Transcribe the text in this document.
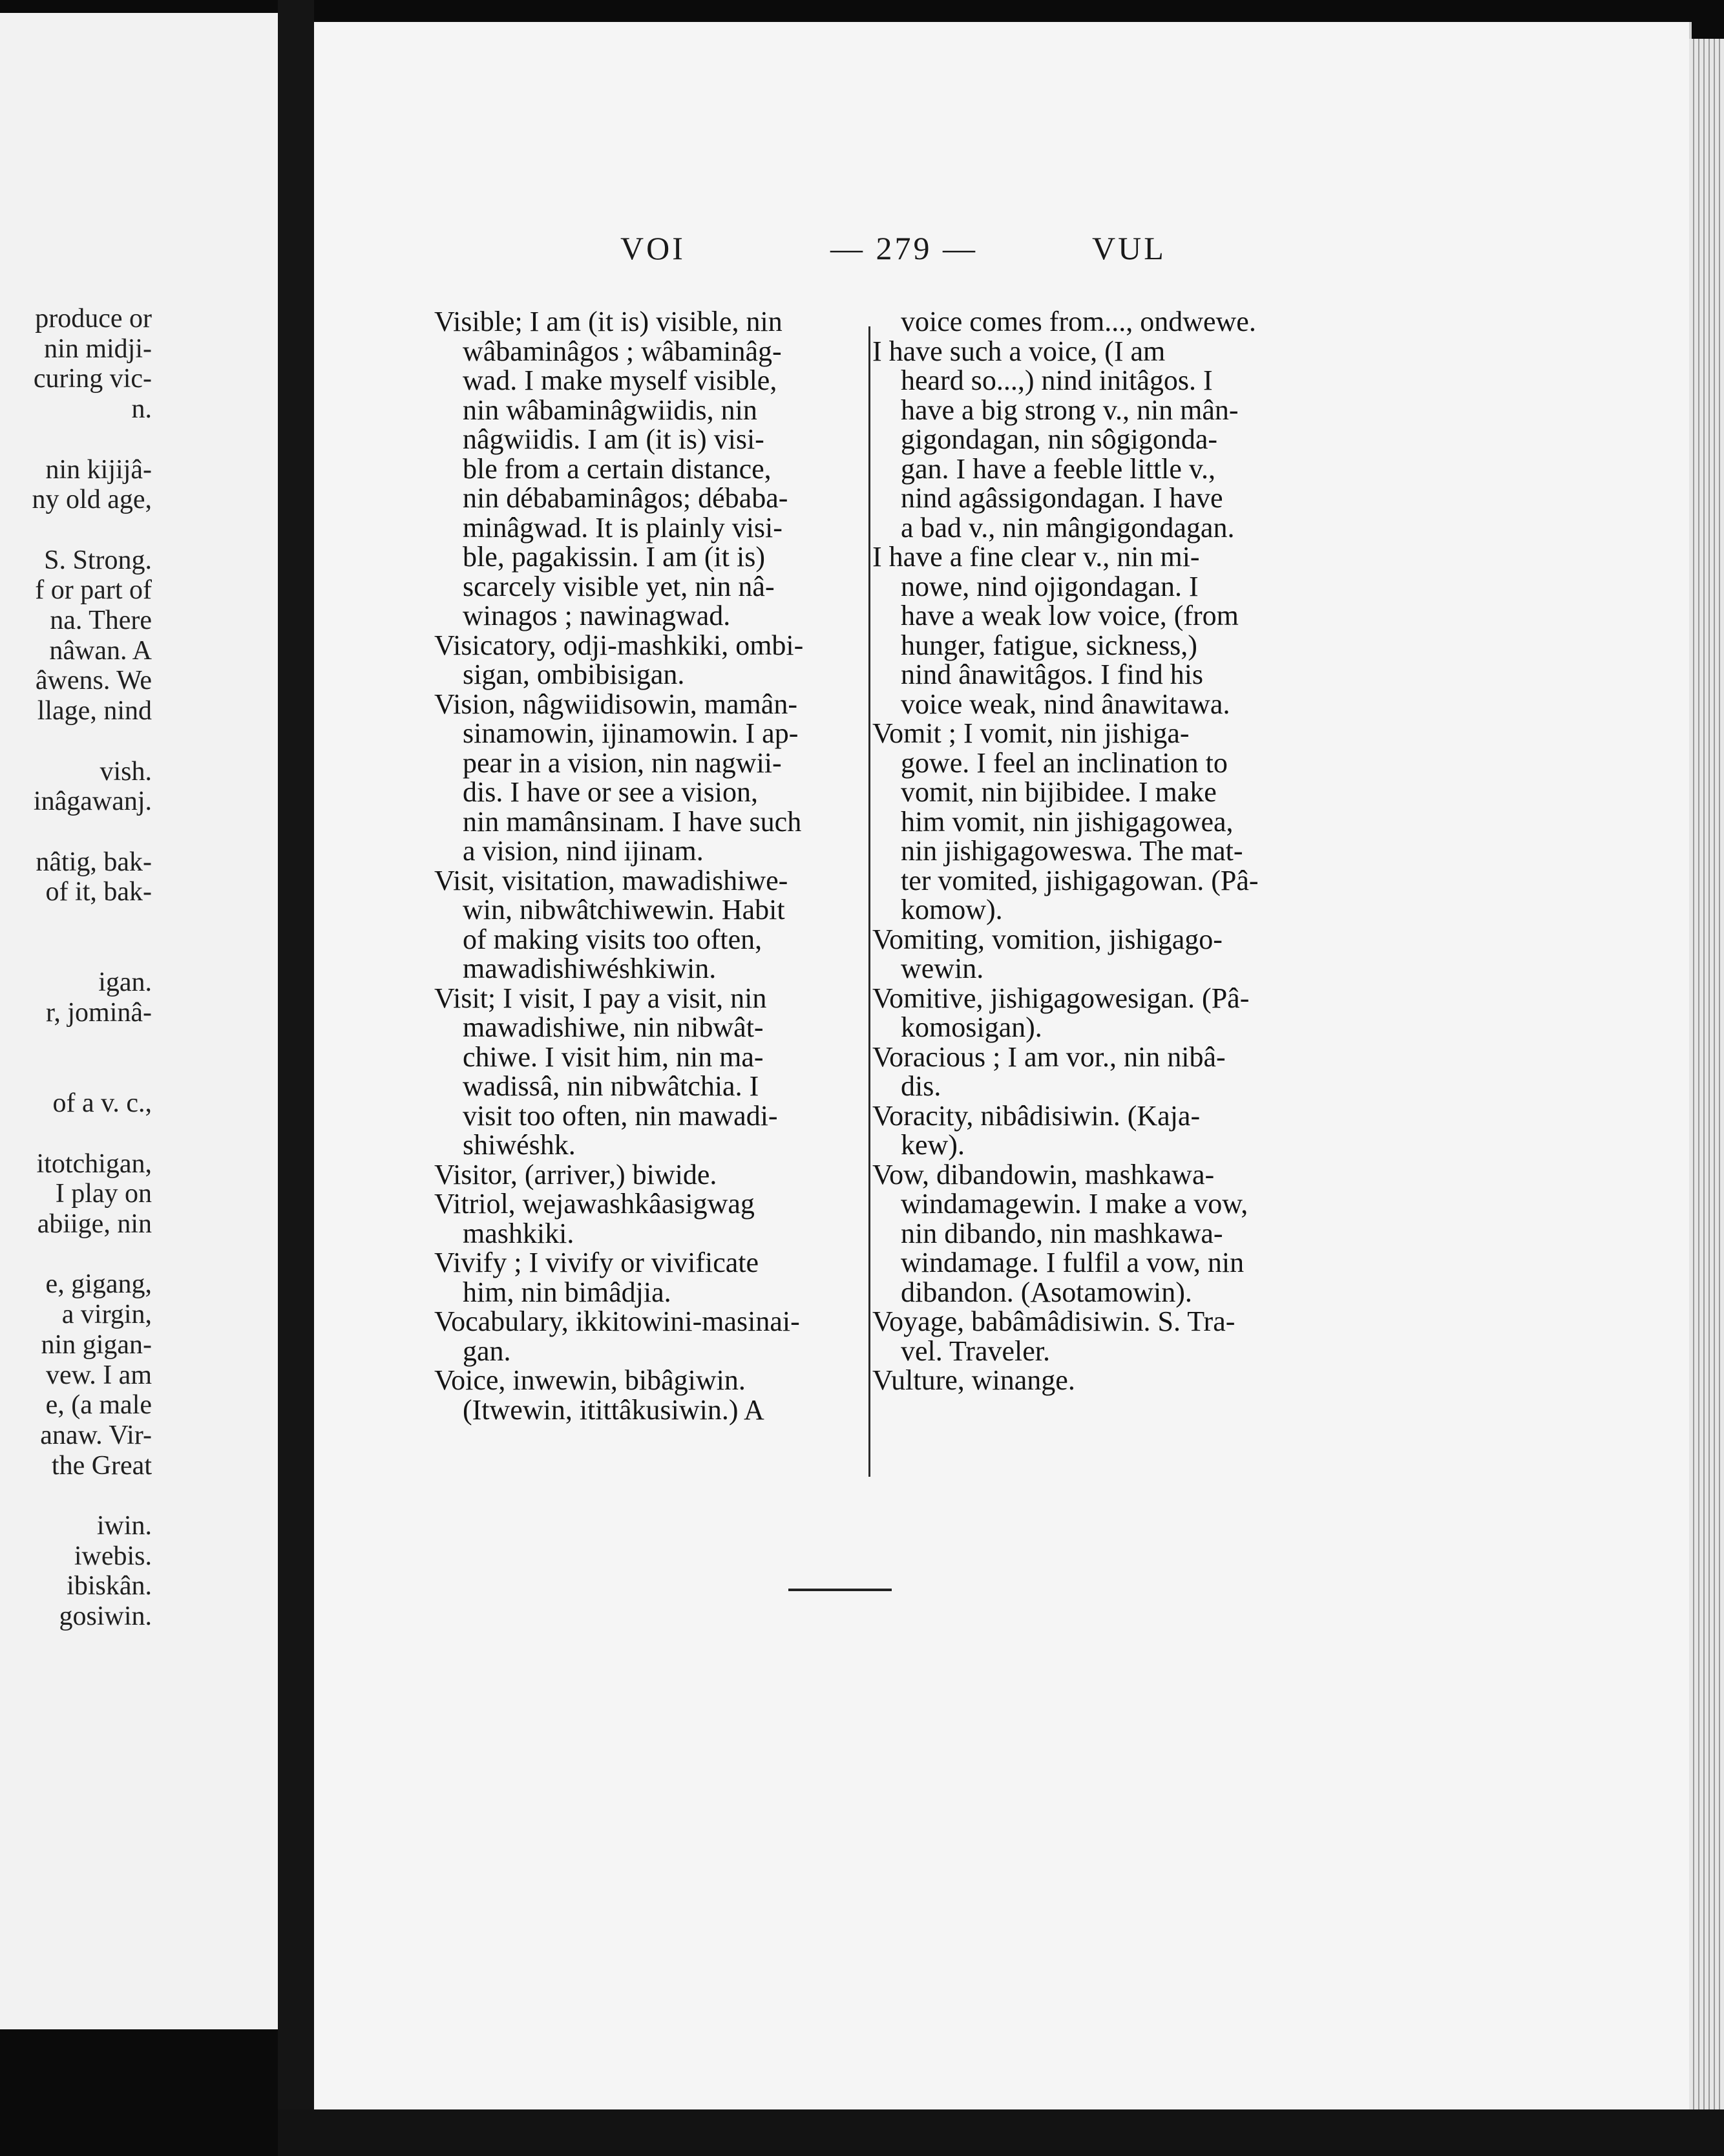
produce or
nin midji-
curing vic-
n.
nin kijijâ-
ny old age,
S. Strong.
f or part of
na. There
nâwan. A
âwens. We
llage, nind
vish.
inâgawanj.
nâtig, bak-
of it, bak-
igan.
r, jominâ-
of a v. c.,
itotchigan,
I play on
abiige, nin
e, gigang,
a virgin,
nin gigan-
vew. I am
e, (a male
anaw. Vir-
the Great
iwin.
iwebis.
ibiskân.
gosiwin.
VOI	— 279 —	VUL
Visible; I am (it is) visible, nin
wâbaminâgos ; wâbaminâg-
wad. I make myself visible,
nin wâbaminâgwiidis, nin
nâgwiidis. I am (it is) visi-
ble from a certain distance,
nin débabaminâgos; débaba-
minâgwad. It is plainly visi-
ble, pagakissin. I am (it is)
scarcely visible yet, nin nâ-
winagos ; nawinagwad.
Visicatory, odji-mashkiki, ombi-
sigan, ombibisigan.
Vision, nâgwiidisowin, mamân-
sinamowin, ijinamowin. I ap-
pear in a vision, nin nagwii-
dis. I have or see a vision,
nin mamânsinam. I have such
a vision, nind ijinam.
Visit, visitation, mawadishiwe-
win, nibwâtchiwewin. Habit
of making visits too often,
mawadishiwéshkiwin.
Visit; I visit, I pay a visit, nin
mawadishiwe, nin nibwât-
chiwe. I visit him, nin ma-
wadissâ, nin nibwâtchia. I
visit too often, nin mawadi-
shiwéshk.
Visitor, (arriver,) biwide.
Vitriol, wejawashkâasigwag
mashkiki.
Vivify ; I vivify or vivificate
him, nin bimâdjia.
Vocabulary, ikkitowini-masinai-
gan.
Voice, inwewin, bibâgiwin.
(Itwewin, itittâkusiwin.) A
voice comes from..., ondwewe.
I have such a voice, (I am
heard so...,) nind initâgos. I
have a big strong v., nin mân-
gigondagan, nin sôgigonda-
gan. I have a feeble little v.,
nind agâssigondagan. I have
a bad v., nin mângigondagan.
I have a fine clear v., nin mi-
nowe, nind ojigondagan. I
have a weak low voice, (from
hunger, fatigue, sickness,)
nind ânawitâgos. I find his
voice weak, nind ânawitawa.
Vomit ; I vomit, nin jishiga-
gowe. I feel an inclination to
vomit, nin bijibidee. I make
him vomit, nin jishigagowea,
nin jishigagoweswa. The mat-
ter vomited, jishigagowan. (Pâ-
komow).
Vomiting, vomition, jishigago-
wewin.
Vomitive, jishigagowesigan. (Pâ-
komosigan).
Voracious ; I am vor., nin nibâ-
dis.
Voracity, nibâdisiwin. (Kaja-
kew).
Vow, dibandowin, mashkawa-
windamagewin. I make a vow,
nin dibando, nin mashkawa-
windamage. I fulfil a vow, nin
dibandon. (Asotamowin).
Voyage, babâmâdisiwin. S. Tra-
vel. Traveler.
Vulture, winange.
